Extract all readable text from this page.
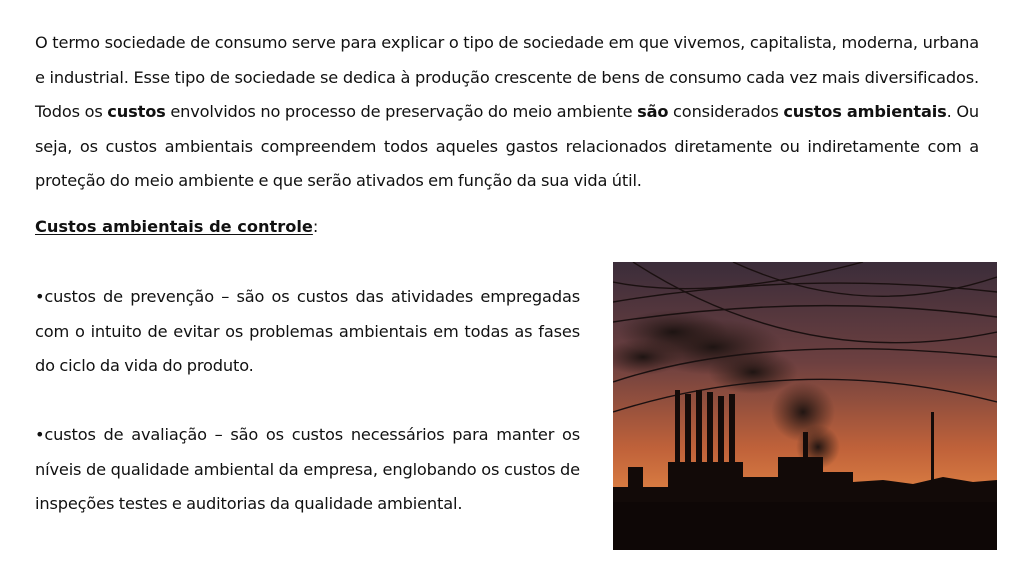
O termo sociedade de consumo serve para explicar o tipo de sociedade em que vivemos, capitalista, moderna, urbana e industrial. Esse tipo de sociedade se dedica à produção crescente de bens de consumo cada vez mais diversificados. Todos os custos envolvidos no processo de preservação do meio ambiente são considerados custos ambientais. Ou seja, os custos ambientais compreendem todos aqueles gastos relacionados diretamente ou indiretamente com a proteção do meio ambiente e que serão ativados em função da sua vida útil.

Custos ambientais de controle:

•custos de prevenção – são os custos das atividades empregadas com o intuito de evitar os problemas ambientais em todas as fases do ciclo da vida do produto.

•custos de avaliação – são os custos necessários para manter os níveis de qualidade ambiental da empresa, englobando os custos de inspeções testes e auditorias da qualidade ambiental.
